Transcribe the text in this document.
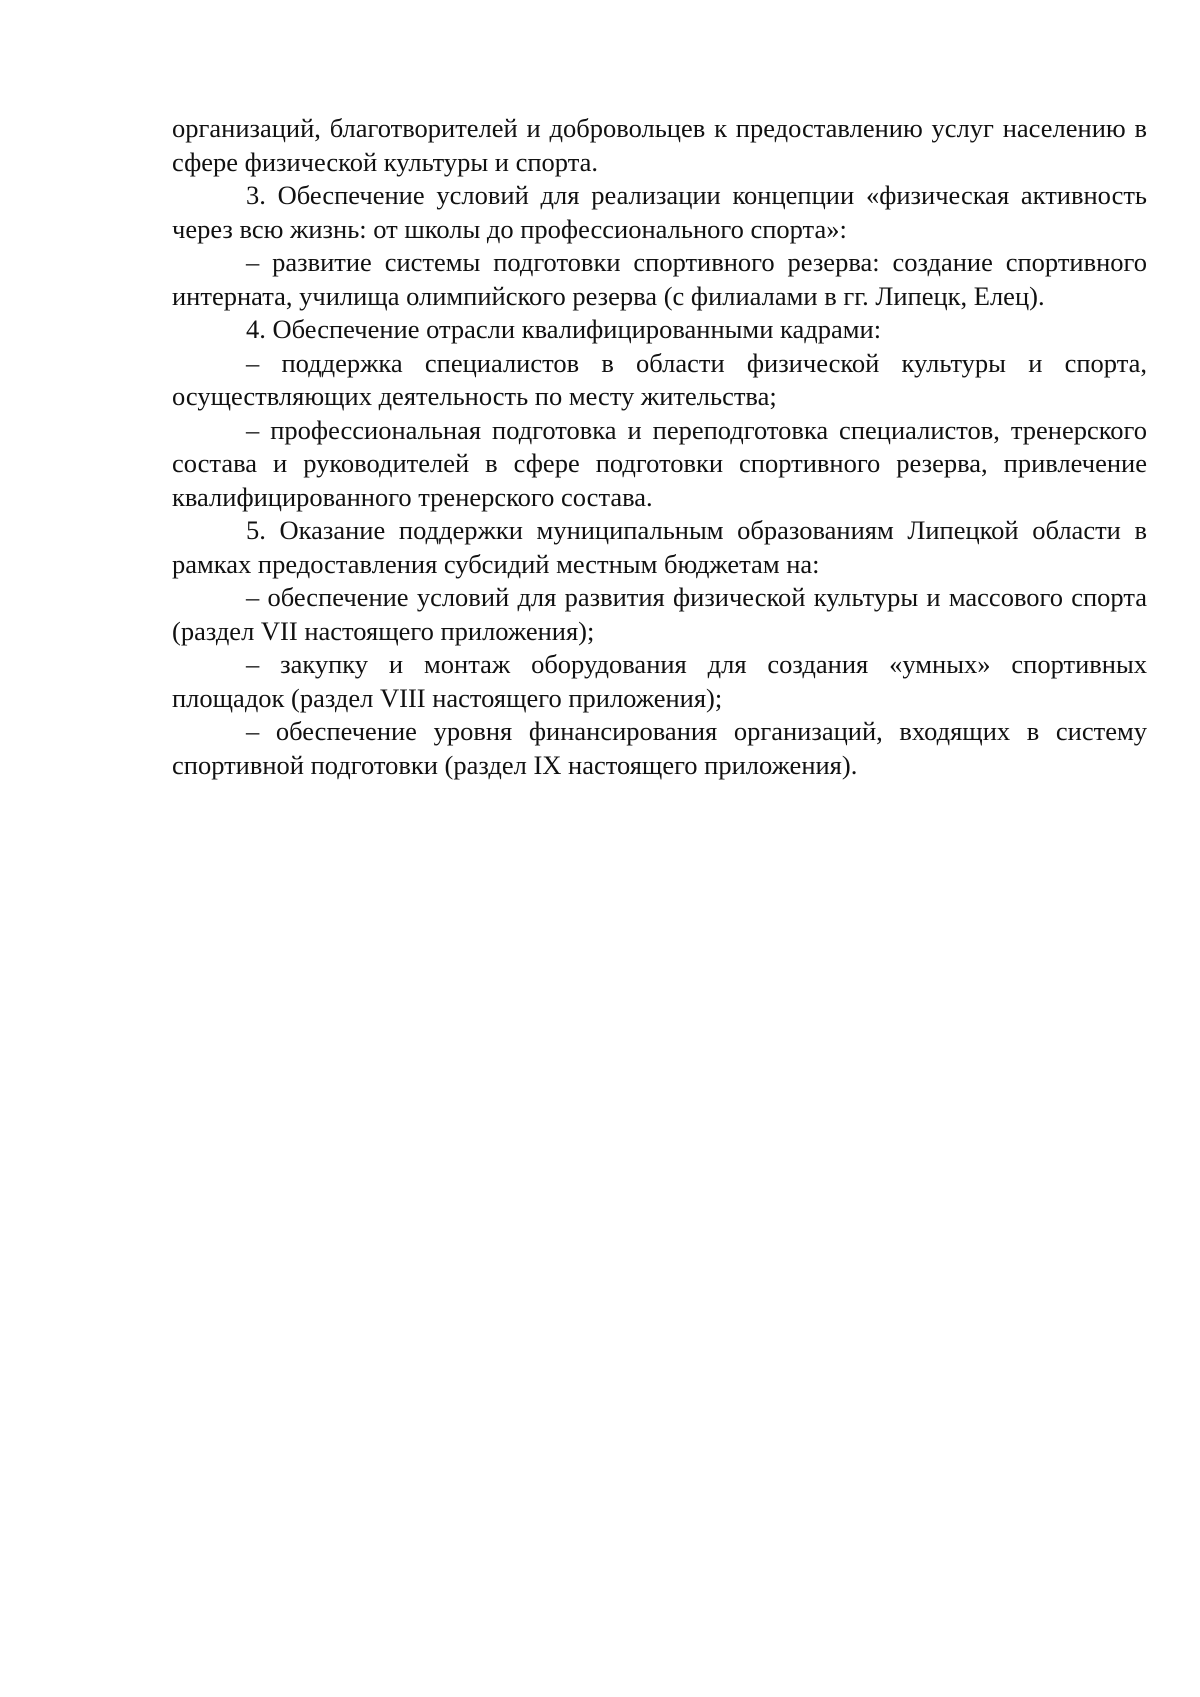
организаций, благотворителей и добровольцев к предоставлению услуг населению в сфере физической культуры и спорта.

3. Обеспечение условий для реализации концепции «физическая активность через всю жизнь: от школы до профессионального спорта»:

– развитие системы подготовки спортивного резерва: создание спортивного интерната, училища олимпийского резерва (с филиалами в гг. Липецк, Елец).

4. Обеспечение отрасли квалифицированными кадрами:

– поддержка специалистов в области физической культуры и спорта, осуществляющих деятельность по месту жительства;

– профессиональная подготовка и переподготовка специалистов, тренерского состава и руководителей в сфере подготовки спортивного резерва, привлечение квалифицированного тренерского состава.

5. Оказание поддержки муниципальным образованиям Липецкой области в рамках предоставления субсидий местным бюджетам на:

– обеспечение условий для развития физической культуры и массового спорта (раздел VII настоящего приложения);

– закупку и монтаж оборудования для создания «умных» спортивных площадок (раздел VIII настоящего приложения);

– обеспечение уровня финансирования организаций, входящих в систему спортивной подготовки (раздел IX настоящего приложения).
